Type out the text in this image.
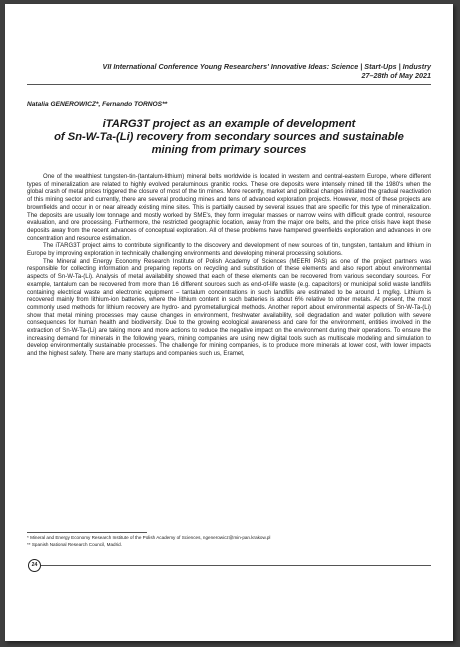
VII International Conference Young Researchers' Innovative Ideas: Science | Start-Ups | Industry
27–28th of May 2021
Natalia GENEROWICZ*, Fernando TORNOS**
iTARG3T project as an example of development
of Sn-W-Ta-(Li) recovery from secondary sources and sustainable
mining from primary sources

One of the wealthiest tungsten-tin-(tantalum-lithium) mineral belts worldwide is located in western and central-eastern Europe, where different types of mineralization are related to highly evolved peraluminous granitic rocks. These ore deposits were intensely mined till the 1980's when the global crash of metal prices triggered the closure of most of the tin mines. More recently, market and political changes initiated the gradual reactivation of this mining sector and currently, there are several producing mines and tens of advanced exploration projects. However, most of these projects are brownfields and occur in or near already existing mine sites. This is partially caused by several issues that are specific for this type of mineralization. The deposits are usually low tonnage and mostly worked by SME's, they form irregular masses or narrow veins with difficult grade control, resource evaluation, and ore processing. Furthermore, the restricted geographic location, away from the major ore belts, and the price crisis have kept these deposits away from the recent advances of conceptual exploration. All of these problems have hampered greenfields exploration and advances in ore concentration and resource estimation.

The iTARG3T project aims to contribute significantly to the discovery and development of new sources of tin, tungsten, tantalum and lithium in Europe by improving exploration in technically challenging environments and developing mineral processing solutions.

The Mineral and Energy Economy Research Institute of Polish Academy of Sciences (MEERI PAS) as one of the project partners was responsible for collecting information and preparing reports on recycling and substitution of these elements and also report about environmental aspects of Sn-W-Ta-(Li). Analysis of metal availability showed that each of these elements can be recovered from various secondary sources. For example, tantalum can be recovered from more than 16 different sources such as end-of-life waste (e.g. capacitors) or municipal solid waste landfills containing electrical waste and electronic equipment – tantalum concentrations in such landfills are estimated to be around 1 mg/kg. Lithium is recovered mainly from lithium-ion batteries, where the lithium content in such batteries is about 6% relative to other metals. At present, the most commonly used methods for lithium recovery are hydro- and pyrometallurgical methods. Another report about environmental aspects of Sn-W-Ta-(Li) show that metal mining processes may cause changes in environment, freshwater availability, soil degradation and water pollution with severe consequences for human health and biodiversity. Due to the growing ecological awareness and care for the environment, entities involved in the extraction of Sn-W-Ta-(Li) are taking more and more actions to reduce the negative impact on the environment during their operations. To ensure the increasing demand for minerals in the following years, mining companies are using new digital tools such as multiscale modeling and simulation to develop environmentally sustainable processes. The challenge for mining companies, is to produce more minerals at lower cost, with lower impacts and the highest safety. There are many startups and companies such us, Eramet,

* Mineral and Energy Economy Research Institute of the Polish Academy of Sciences, ngenerowicz@min-pan.krakow.pl
** Spanish National Research Council, Madrid.
24
